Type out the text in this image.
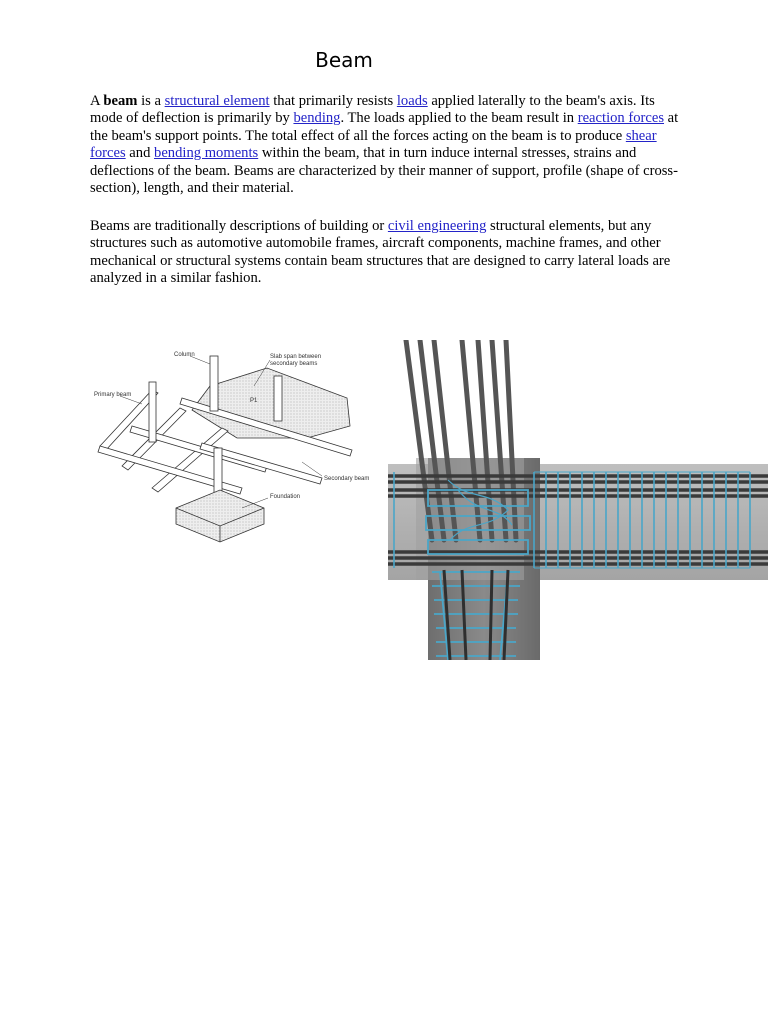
Beam

A beam is a structural element that primarily resists loads applied laterally to the beam's axis. Its mode of deflection is primarily by bending. The loads applied to the beam result in reaction forces at the beam's support points. The total effect of all the forces acting on the beam is to produce shear forces and bending moments within the beam, that in turn induce internal stresses, strains and deflections of the beam. Beams are characterized by their manner of support, profile (shape of cross-section), length, and their material.

Beams are traditionally descriptions of building or civil engineering structural elements, but any structures such as automotive automobile frames, aircraft components, machine frames, and other mechanical or structural systems contain beam structures that are designed to carry lateral loads are analyzed in a similar fashion.

Column	Slab span between
secondary beams
Primary beam
Secondary beam
Foundation
P1
